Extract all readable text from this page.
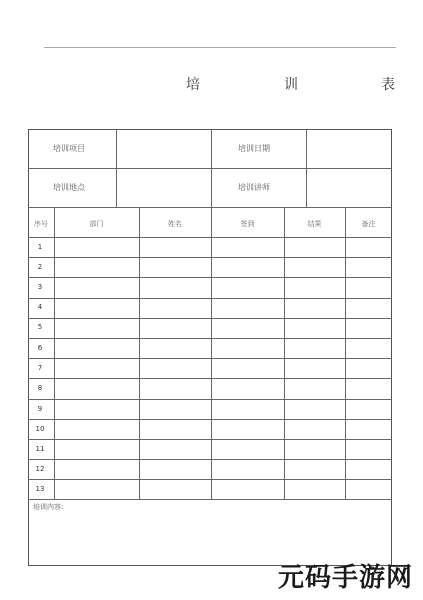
培	训	表
培训项目	培训日期
培训地点	培训讲师
序号	部门	姓名	签到	结果	备注
1
2
3
4
5
6
7
8
9
10
11
12
13
培训内容:
元码手游网
